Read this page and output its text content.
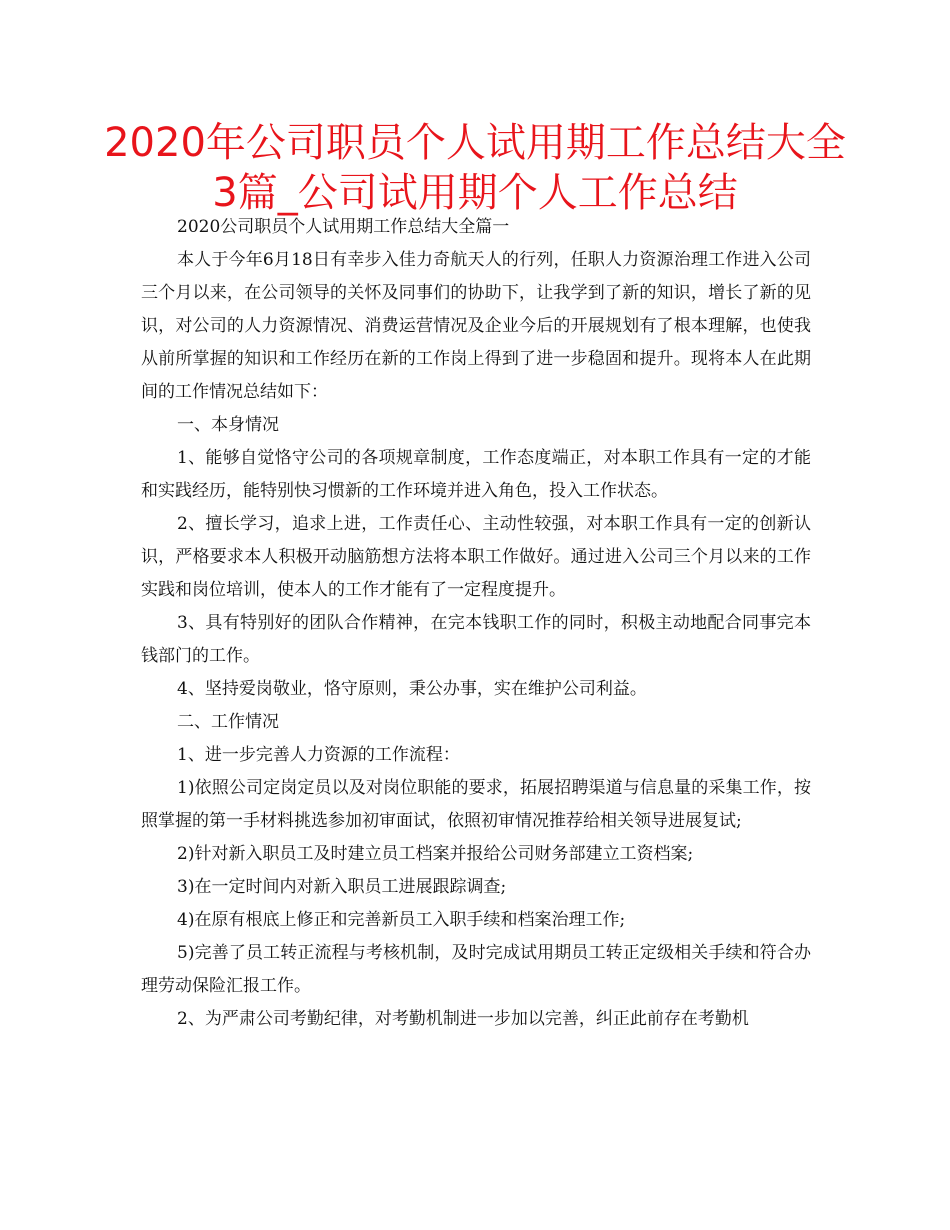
2020年公司职员个人试用期工作总结大全
3篇_公司试用期个人工作总结

2020公司职员个人试用期工作总结大全篇一

本人于今年6月18日有幸步入佳力奇航天人的行列，任职人力资源治理工作进入公司三个月以来，在公司领导的关怀及同事们的协助下，让我学到了新的知识，增长了新的见识，对公司的人力资源情况、消费运营情况及企业今后的开展规划有了根本理解，也使我从前所掌握的知识和工作经历在新的工作岗上得到了进一步稳固和提升。现将本人在此期间的工作情况总结如下：

一、本身情况

1、能够自觉恪守公司的各项规章制度，工作态度端正，对本职工作具有一定的才能和实践经历，能特别快习惯新的工作环境并进入角色，投入工作状态。

2、擅长学习，追求上进，工作责任心、主动性较强，对本职工作具有一定的创新认识，严格要求本人积极开动脑筋想方法将本职工作做好。通过进入公司三个月以来的工作实践和岗位培训，使本人的工作才能有了一定程度提升。

3、具有特别好的团队合作精神，在完本钱职工作的同时，积极主动地配合同事完本钱部门的工作。

4、坚持爱岗敬业，恪守原则，秉公办事，实在维护公司利益。

二、工作情况

1、进一步完善人力资源的工作流程：

1)依照公司定岗定员以及对岗位职能的要求，拓展招聘渠道与信息量的采集工作，按照掌握的第一手材料挑选参加初审面试，依照初审情况推荐给相关领导进展复试;

2)针对新入职员工及时建立员工档案并报给公司财务部建立工资档案;

3)在一定时间内对新入职员工进展跟踪调查;

4)在原有根底上修正和完善新员工入职手续和档案治理工作;

5)完善了员工转正流程与考核机制，及时完成试用期员工转正定级相关手续和符合办理劳动保险汇报工作。

2、为严肃公司考勤纪律，对考勤机制进一步加以完善，纠正此前存在考勤机
